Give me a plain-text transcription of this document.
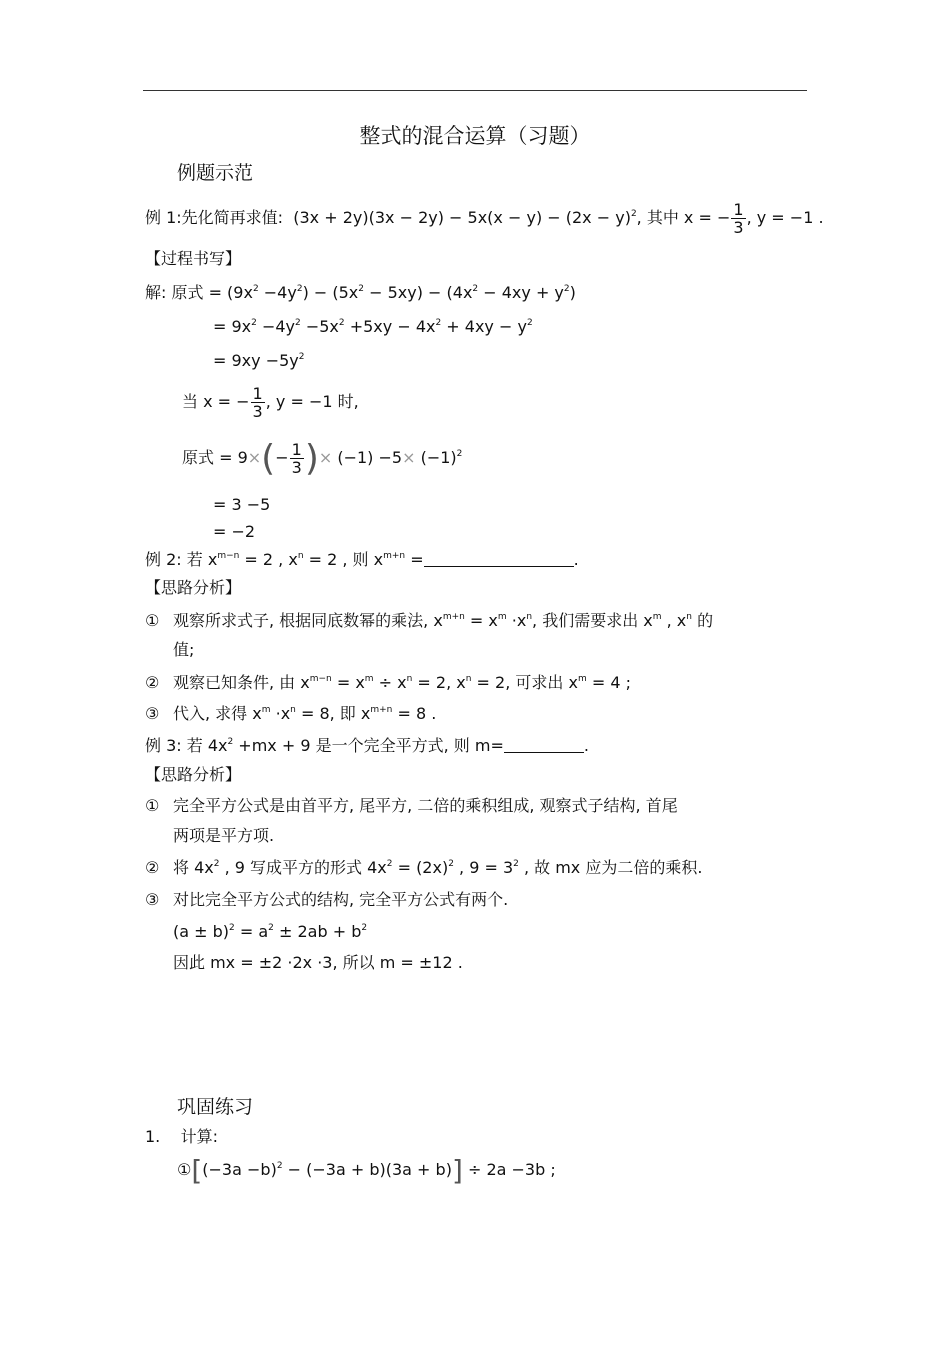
整式的混合运算（习题）
例题示范
例 1:先化简再求值: $(3x + 2y)(3x - 2y) - 5x(x - y) - (2x - y)^2$, 其中 x = − $\frac{1}{3}$ , y = −1 .
【过程书写】
解: 原式 = $(9x^2 -4y^2) - (5x^2 - 5xy) - (4x^2 - 4xy + y^2)$
= $9x^2 -4y^2 -5x^2 +5xy - 4x^2 + 4xy - y^2$
= $9xy -5y^2$
当 x = − $\frac{1}{3}$ , y = −1 时,
原式 = $9\times(- \frac{1}{3}$ )× $(-1) -5\times (-1)^2$
= 3 −5
= −2
例 2: 若 $x^{m-n} = 2$ , $x^n = 2$ , 则 $x^{m+n}$ =	.
【思路分析】
① 观察所求式子, 根据同底数幂的乘法, $x^{m+n} = x^m \cdot x^n$, 我们需要求出 $x^m$ , $x^n$ 的
值;
② 观察已知条件, 由 $x^{m-n} = x^m \div x^n = 2$, $x^n = 2$, 可求出 $x^m = 4$ ;
③ 代入, 求得 $x^m \cdot x^n = 8$, 即 $x^{m+n} = 8$ .
例 3: 若 $4x^2 +mx + 9$ 是一个完全平方式, 则 m=	.
【思路分析】
① 完全平方公式是由首平方, 尾平方, 二倍的乘积组成, 观察式子结构, 首尾
两项是平方项.
② 将 $4x^2$ , 9 写成平方的形式 $4x^2 = (2x)^2$ , $9 = 3^2$ , 故 mx 应为二倍的乘积.
③ 对比完全平方公式的结构, 完全平方公式有两个.
$(a \pm b)^2 = a^2 \pm 2ab + b^2$
因此 mx = ±2 ·2x ·3, 所以 m = ±12 .
巩固练习
1. 计算:
①[(−3a −b)$^2$ − (−3a + b)(3a + b)] ÷ 2a −3b ;
